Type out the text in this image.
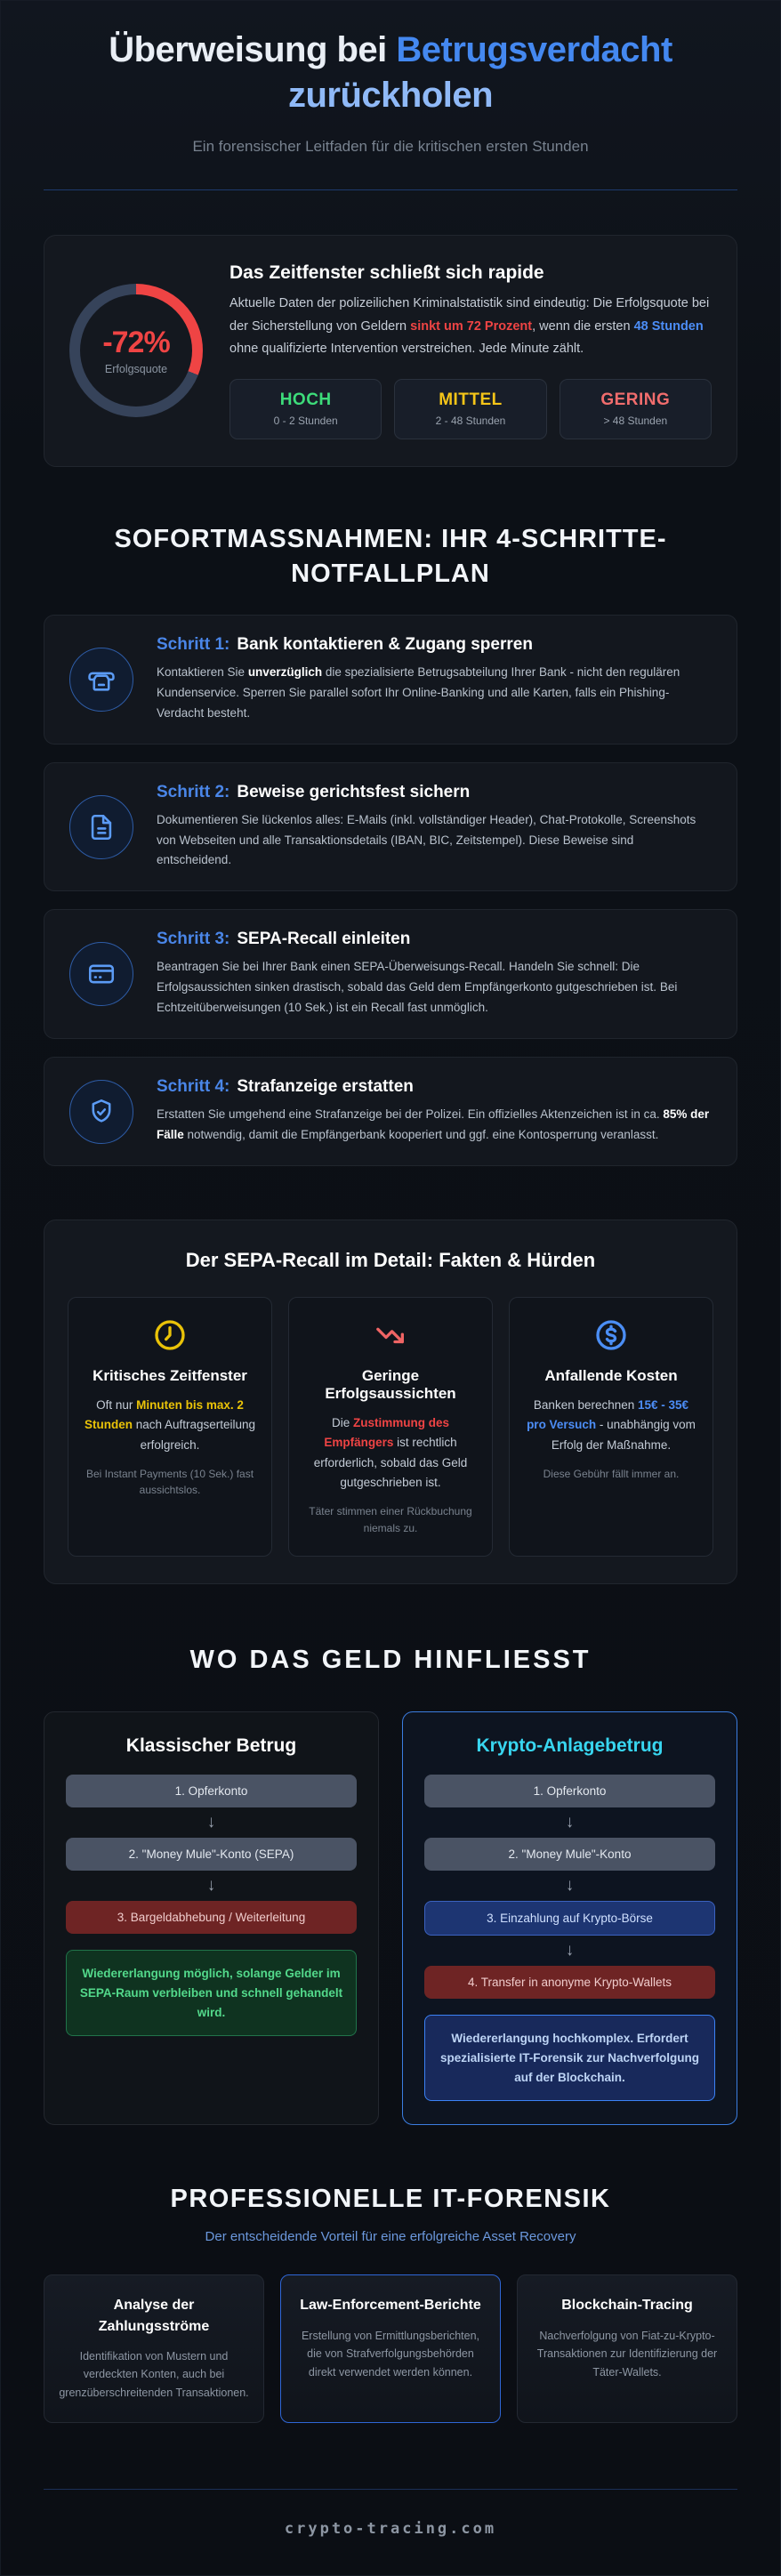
Überweisung bei Betrugsverdacht zurückholen

Ein forensischer Leitfaden für die kritischen ersten Stunden

-72%
Erfolgsquote
Das Zeitfenster schließt sich rapide

Aktuelle Daten der polizeilichen Kriminalstatistik sind eindeutig: Die Erfolgsquote bei der Sicherstellung von Geldern sinkt um 72 Prozent, wenn die ersten 48 Stunden ohne qualifizierte Intervention verstreichen. Jede Minute zählt.

HOCH
0 - 2 Stunden
MITTEL
2 - 48 Stunden
GERING
> 48 Stunden
SOFORTMASSNAHMEN: IHR 4-SCHRITTE-NOTFALLPLAN
Schritt 1: Bank kontaktieren & Zugang sperren

Kontaktieren Sie unverzüglich die spezialisierte Betrugsabteilung Ihrer Bank - nicht den regulären Kundenservice. Sperren Sie parallel sofort Ihr Online-Banking und alle Karten, falls ein Phishing-Verdacht besteht.

Schritt 2: Beweise gerichtsfest sichern

Dokumentieren Sie lückenlos alles: E-Mails (inkl. vollständiger Header), Chat-Protokolle, Screenshots von Webseiten und alle Transaktionsdetails (IBAN, BIC, Zeitstempel). Diese Beweise sind entscheidend.

Schritt 3: SEPA-Recall einleiten

Beantragen Sie bei Ihrer Bank einen SEPA-Überweisungs-Recall. Handeln Sie schnell: Die Erfolgsaussichten sinken drastisch, sobald das Geld dem Empfängerkonto gutgeschrieben ist. Bei Echtzeitüberweisungen (10 Sek.) ist ein Recall fast unmöglich.

Schritt 4: Strafanzeige erstatten

Erstatten Sie umgehend eine Strafanzeige bei der Polizei. Ein offizielles Aktenzeichen ist in ca. 85% der Fälle notwendig, damit die Empfängerbank kooperiert und ggf. eine Kontosperrung veranlasst.

Der SEPA-Recall im Detail: Fakten & Hürden
Kritisches Zeitfenster

Oft nur Minuten bis max. 2 Stunden nach Auftragserteilung erfolgreich.

Bei Instant Payments (10 Sek.) fast aussichtslos.

Geringe Erfolgsaussichten

Die Zustimmung des Empfängers ist rechtlich erforderlich, sobald das Geld gutgeschrieben ist.

Täter stimmen einer Rückbuchung niemals zu.

Anfallende Kosten

Banken berechnen 15€ - 35€ pro Versuch - unabhängig vom Erfolg der Maßnahme.

Diese Gebühr fällt immer an.

WO DAS GELD HINFLIESST
Klassischer Betrug
1. Opferkonto
↓
2. "Money Mule"-Konto (SEPA)
↓
3. Bargeldabhebung / Weiterleitung
Wiedererlangung möglich, solange Gelder im SEPA-Raum verbleiben und schnell gehandelt wird.
Krypto-Anlagebetrug
1. Opferkonto
↓
2. "Money Mule"-Konto
↓
3. Einzahlung auf Krypto-Börse
↓
4. Transfer in anonyme Krypto-Wallets
Wiedererlangung hochkomplex. Erfordert spezialisierte IT-Forensik zur Nachverfolgung auf der Blockchain.
PROFESSIONELLE IT-FORENSIK

Der entscheidende Vorteil für eine erfolgreiche Asset Recovery

Analyse der Zahlungsströme

Identifikation von Mustern und verdeckten Konten, auch bei grenzüberschreitenden Transaktionen.

Law-Enforcement-Berichte

Erstellung von Ermittlungsberichten, die von Strafverfolgungsbehörden direkt verwendet werden können.

Blockchain-Tracing

Nachverfolgung von Fiat-zu-Krypto-Transaktionen zur Identifizierung der Täter-Wallets.

crypto-tracing.com
